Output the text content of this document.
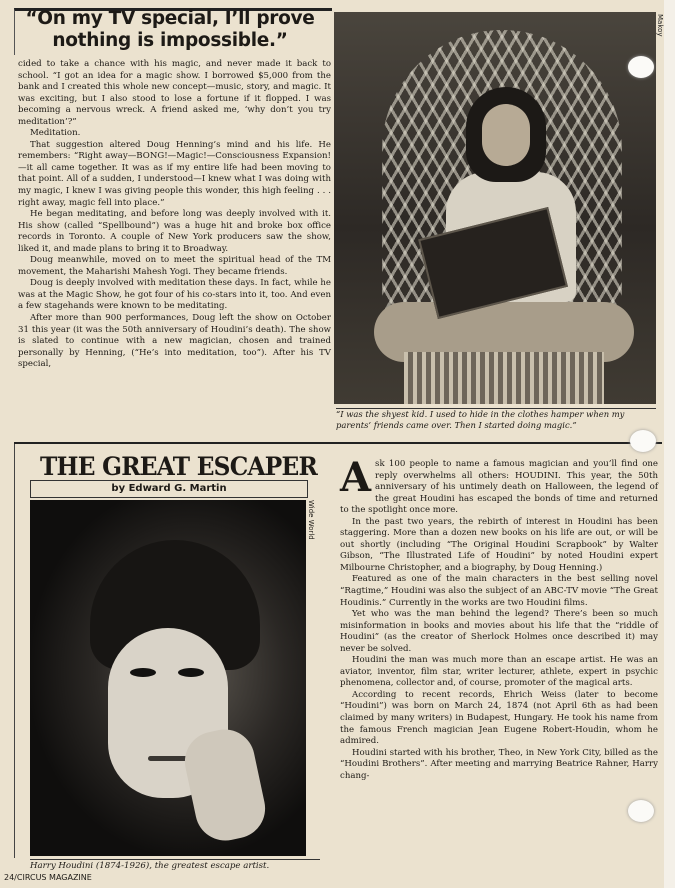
“On my TV special, I’ll prove nothing is impossible.”

cided to take a chance with his magic, and never made it back to school. “I got an idea for a magic show. I borrowed $5,000 from the bank and I created this whole new concept—music, story, and magic. It was exciting, but I also stood to lose a fortune if it flopped. I was becoming a nervous wreck. A friend asked me, ‘why don’t you try meditation’?”

Meditation.

That suggestion altered Doug Henning’s mind and his life. He remembers: “Right away—BONG!—Magic!—Consciousness Expansion!—it all came together. It was as if my entire life had been moving to that point. All of a sudden, I understood—I knew what I was doing with my magic, I knew I was giving people this wonder, this high feeling . . . right away, magic fell into place.”

He began meditating, and before long was deeply involved with it. His show (called “Spellbound”) was a huge hit and broke box office records in Toronto. A couple of New York producers saw the show, liked it, and made plans to bring it to Broadway.

Doug meanwhile, moved on to meet the spiritual head of the TM movement, the Maharishi Mahesh Yogi. They became friends.

Doug is deeply involved with meditation these days. In fact, while he was at the Magic Show, he got four of his co-stars into it, too. And even a few stagehands were known to be meditating.

After more than 900 performances, Doug left the show on October 31 this year (it was the 50th anniversary of Houdini’s death). The show is slated to continue with a new magician, chosen and trained personally by Henning, (“He’s into meditation, too”). After his TV special,

Makoy
“I was the shyest kid. I used to hide in the clothes hamper when my parents’ friends came over. Then I started doing magic.”
THE GREAT ESCAPER
by Edward G. Martin
Wide World
Harry Houdini (1874-1926), the greatest escape artist.

Ask 100 people to name a famous magician and you’ll find one reply overwhelms all others: HOUDINI. This year, the 50th anniversary of his untimely death on Halloween, the legend of the great Houdini has escaped the bonds of time and returned to the spotlight once more.

In the past two years, the rebirth of interest in Houdini has been staggering. More than a dozen new books on his life are out, or will be out shortly (including “The Original Houdini Scrapbook” by Walter Gibson, “The Illustrated Life of Houdini” by noted Houdini expert Milbourne Christopher, and a biography, by Doug Henning.)

Featured as one of the main characters in the best selling novel “Ragtime,” Houdini was also the subject of an ABC-TV movie “The Great Houdinis.” Currently in the works are two Houdini films.

Yet who was the man behind the legend? There’s been so much misinformation in books and movies about his life that the “riddle of Houdini” (as the creator of Sherlock Holmes once described it) may never be solved.

Houdini the man was much more than an escape artist. He was an aviator, inventor, film star, writer lecturer, athlete, expert in psychic phenomena, collector and, of course, promoter of the magical arts.

According to recent records, Ehrich Weiss (later to become “Houdini”) was born on March 24, 1874 (not April 6th as had been claimed by many writers) in Budapest, Hungary. He took his name from the famous French magician Jean Eugene Robert-Houdin, whom he admired.

Houdini started with his brother, Theo, in New York City, billed as the “Houdini Brothers”. After meeting and marrying Beatrice Rahner, Harry chang-

24/CIRCUS MAGAZINE
